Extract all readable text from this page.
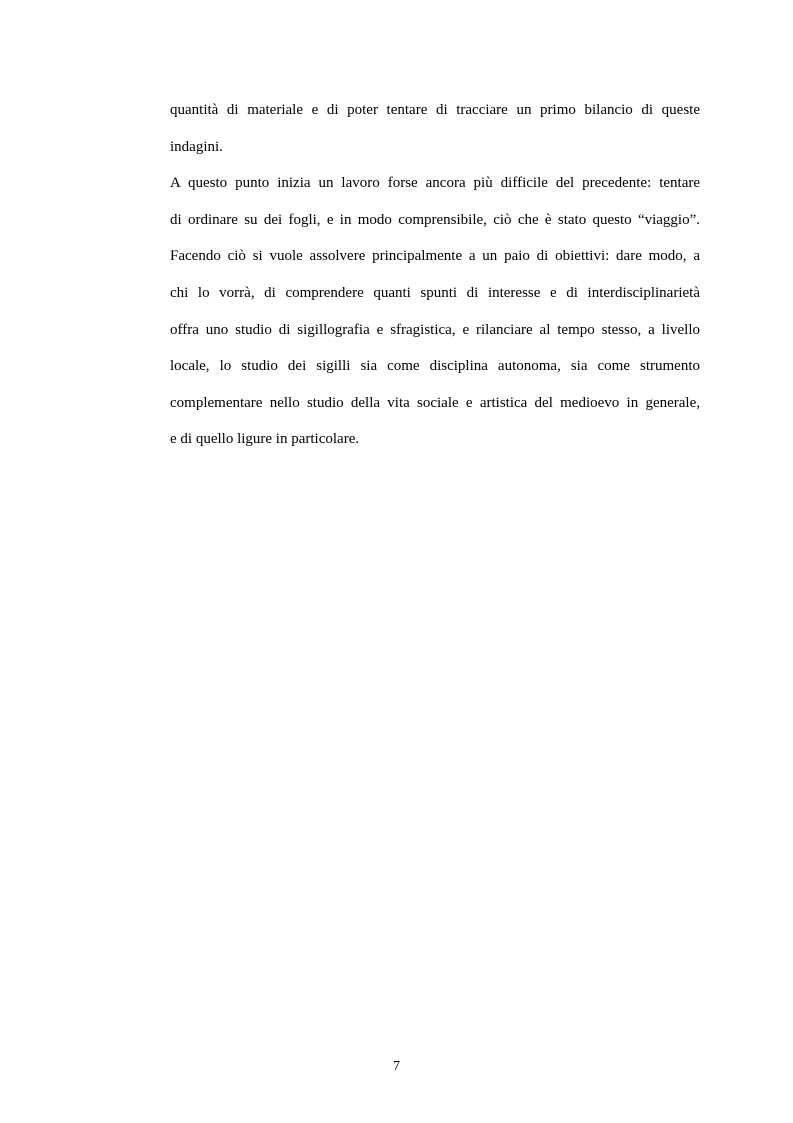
quantità di materiale e di poter tentare di tracciare un primo bilancio di queste
indagini.
A questo punto inizia un lavoro forse ancora più difficile del precedente: tentare
di ordinare su dei fogli, e in modo comprensibile, ciò che è stato questo “viaggio”.
Facendo ciò si vuole assolvere principalmente a un paio di obiettivi: dare modo, a
chi lo vorrà, di comprendere quanti spunti di interesse e di interdisciplinarietà
offra uno studio di sigillografia e sfragistica, e rilanciare al tempo stesso, a livello
locale, lo studio dei sigilli sia come disciplina autonoma, sia come strumento
complementare nello studio della vita sociale e artistica del medioevo in generale,
e di quello ligure in particolare.
7
